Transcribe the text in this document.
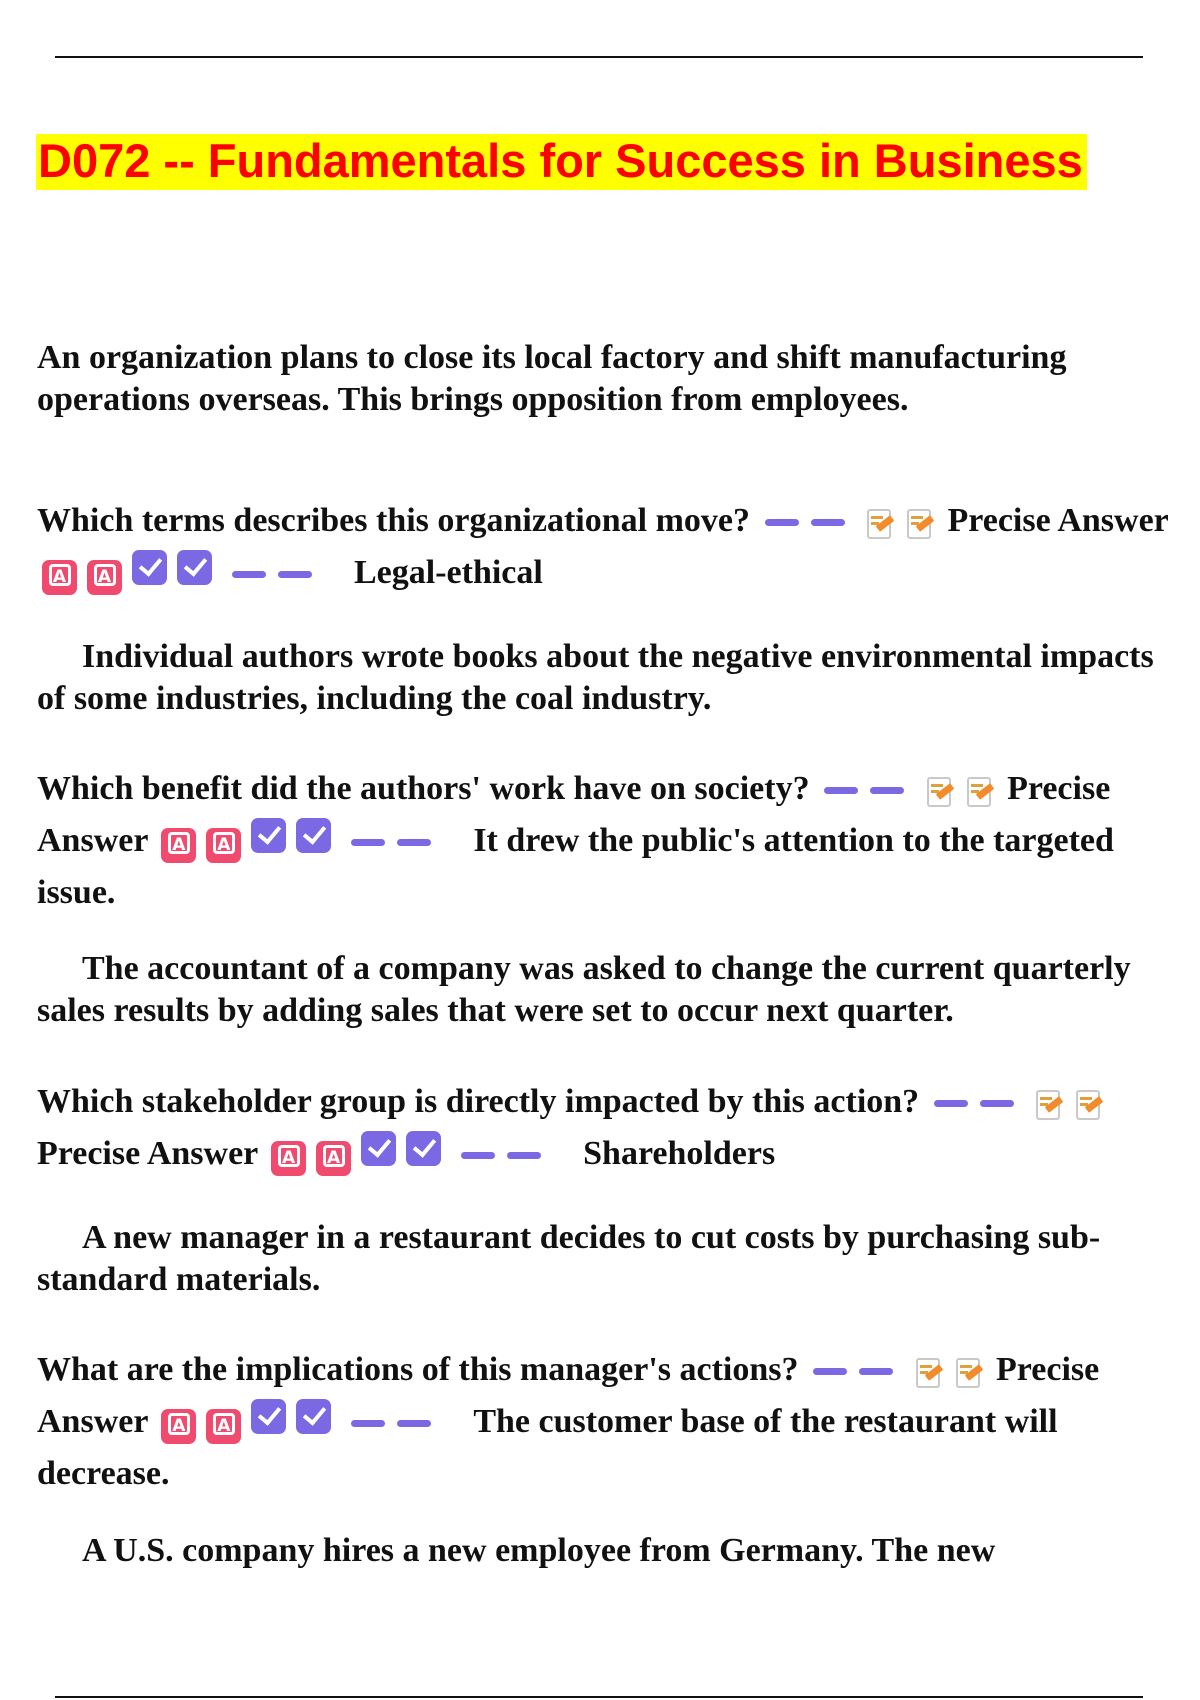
D072 -- Fundamentals for Success in Business
An organization plans to close its local factory and shift manufacturing operations overseas. This brings opposition from employees.
Which terms describes this organizational move?	Precise Answer A A	Legal-ethical
Individual authors wrote books about the negative environmental impacts of some industries, including the coal industry.
Which benefit did the authors' work have on society?	Precise Answer A A	It drew the public's attention to the targeted issue.
The accountant of a company was asked to change the current quarterly sales results by adding sales that were set to occur next quarter.
Which stakeholder group is directly impacted by this action?
Precise Answer A A	Shareholders
A new manager in a restaurant decides to cut costs by purchasing sub-standard materials.
What are the implications of this manager's actions?	Precise Answer A A	The customer base of the restaurant will decrease.
A U.S. company hires a new employee from Germany. The new
